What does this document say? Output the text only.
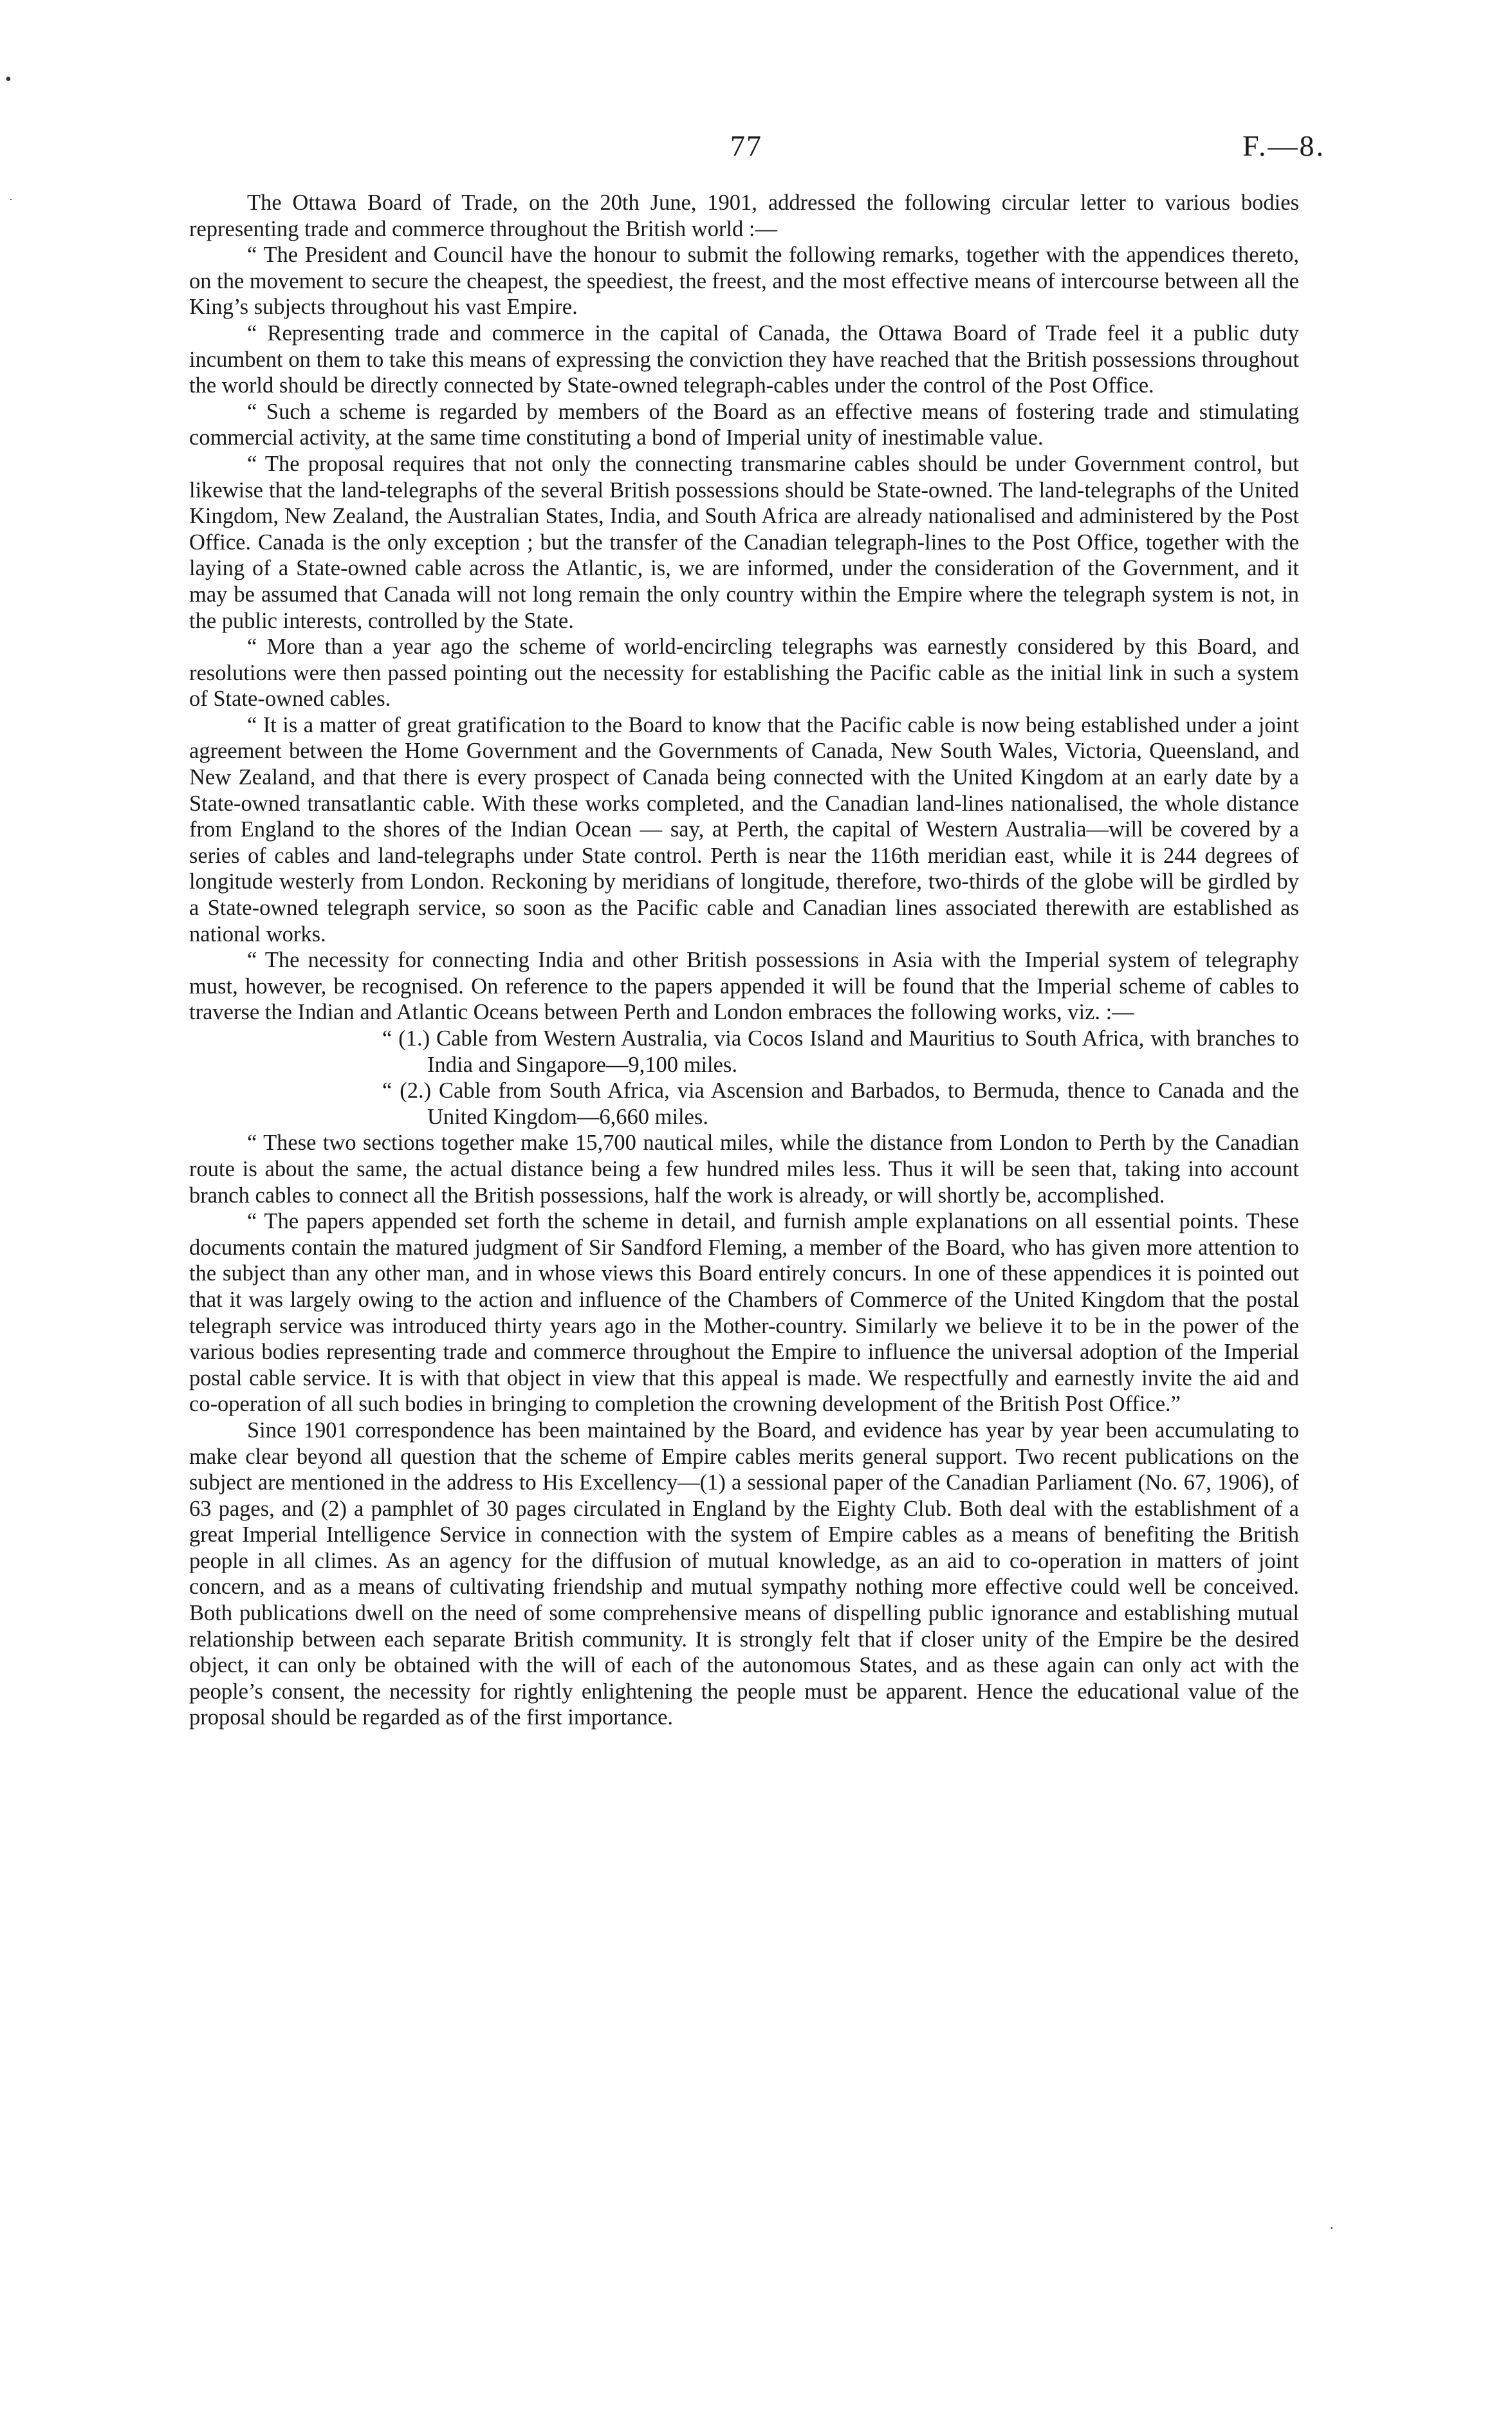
77	F.—8.
•
·
·

The Ottawa Board of Trade, on the 20th June, 1901, addressed the following circular letter to various bodies representing trade and commerce throughout the British world :—

“ The President and Council have the honour to submit the following remarks, together with the appendices thereto, on the movement to secure the cheapest, the speediest, the freest, and the most effective means of intercourse between all the King’s subjects throughout his vast Empire.

“ Representing trade and commerce in the capital of Canada, the Ottawa Board of Trade feel it a public duty incumbent on them to take this means of expressing the conviction they have reached that the British possessions throughout the world should be directly connected by State-owned telegraph-cables under the control of the Post Office.

“ Such a scheme is regarded by members of the Board as an effective means of fostering trade and stimulating commercial activity, at the same time constituting a bond of Imperial unity of inestimable value.

“ The proposal requires that not only the connecting transmarine cables should be under Government control, but likewise that the land-telegraphs of the several British possessions should be State-owned. The land-telegraphs of the United Kingdom, New Zealand, the Australian States, India, and South Africa are already nationalised and administered by the Post Office. Canada is the only exception ; but the transfer of the Canadian telegraph-lines to the Post Office, together with the laying of a State-owned cable across the Atlantic, is, we are informed, under the consideration of the Government, and it may be assumed that Canada will not long remain the only country within the Empire where the telegraph system is not, in the public interests, controlled by the State.

“ More than a year ago the scheme of world-encircling telegraphs was earnestly considered by this Board, and resolutions were then passed pointing out the necessity for establishing the Pacific cable as the initial link in such a system of State-owned cables.

“ It is a matter of great gratification to the Board to know that the Pacific cable is now being established under a joint agreement between the Home Government and the Governments of Canada, New South Wales, Victoria, Queensland, and New Zealand, and that there is every prospect of Canada being connected with the United Kingdom at an early date by a State-owned transatlantic cable. With these works completed, and the Canadian land-lines nationalised, the whole distance from England to the shores of the Indian Ocean — say, at Perth, the capital of Western Australia—will be covered by a series of cables and land-telegraphs under State control. Perth is near the 116th meridian east, while it is 244 degrees of longitude westerly from London. Reckoning by meridians of longitude, therefore, two-thirds of the globe will be girdled by a State-owned telegraph service, so soon as the Pacific cable and Canadian lines associated therewith are established as national works.

“ The necessity for connecting India and other British possessions in Asia with the Imperial system of telegraphy must, however, be recognised. On reference to the papers appended it will be found that the Imperial scheme of cables to traverse the Indian and Atlantic Oceans between Perth and London embraces the following works, viz. :—

“ (1.) Cable from Western Australia, via Cocos Island and Mauritius to South Africa, with branches to India and Singapore—9,100 miles.

“ (2.) Cable from South Africa, via Ascension and Barbados, to Bermuda, thence to Canada and the United Kingdom—6,660 miles.

“ These two sections together make 15,700 nautical miles, while the distance from London to Perth by the Canadian route is about the same, the actual distance being a few hundred miles less. Thus it will be seen that, taking into account branch cables to connect all the British possessions, half the work is already, or will shortly be, accomplished.

“ The papers appended set forth the scheme in detail, and furnish ample explanations on all essential points. These documents contain the matured judgment of Sir Sandford Fleming, a member of the Board, who has given more attention to the subject than any other man, and in whose views this Board entirely concurs. In one of these appendices it is pointed out that it was largely owing to the action and influence of the Chambers of Commerce of the United Kingdom that the postal telegraph service was introduced thirty years ago in the Mother-country. Similarly we believe it to be in the power of the various bodies representing trade and commerce throughout the Empire to influence the universal adoption of the Imperial postal cable service. It is with that object in view that this appeal is made. We respectfully and earnestly invite the aid and co-operation of all such bodies in bringing to completion the crowning development of the British Post Office.”

Since 1901 correspondence has been maintained by the Board, and evidence has year by year been accumulating to make clear beyond all question that the scheme of Empire cables merits general support. Two recent publications on the subject are mentioned in the address to His Excellency—(1) a sessional paper of the Canadian Parliament (No. 67, 1906), of 63 pages, and (2) a pamphlet of 30 pages circulated in England by the Eighty Club. Both deal with the establishment of a great Imperial Intelligence Service in connection with the system of Empire cables as a means of benefiting the British people in all climes. As an agency for the diffusion of mutual knowledge, as an aid to co-operation in matters of joint concern, and as a means of cultivating friendship and mutual sympathy nothing more effective could well be conceived. Both publications dwell on the need of some comprehensive means of dispelling public ignorance and establishing mutual relationship between each separate British community. It is strongly felt that if closer unity of the Empire be the desired object, it can only be obtained with the will of each of the autonomous States, and as these again can only act with the people’s consent, the necessity for rightly enlightening the people must be apparent. Hence the educational value of the proposal should be regarded as of the first importance.
